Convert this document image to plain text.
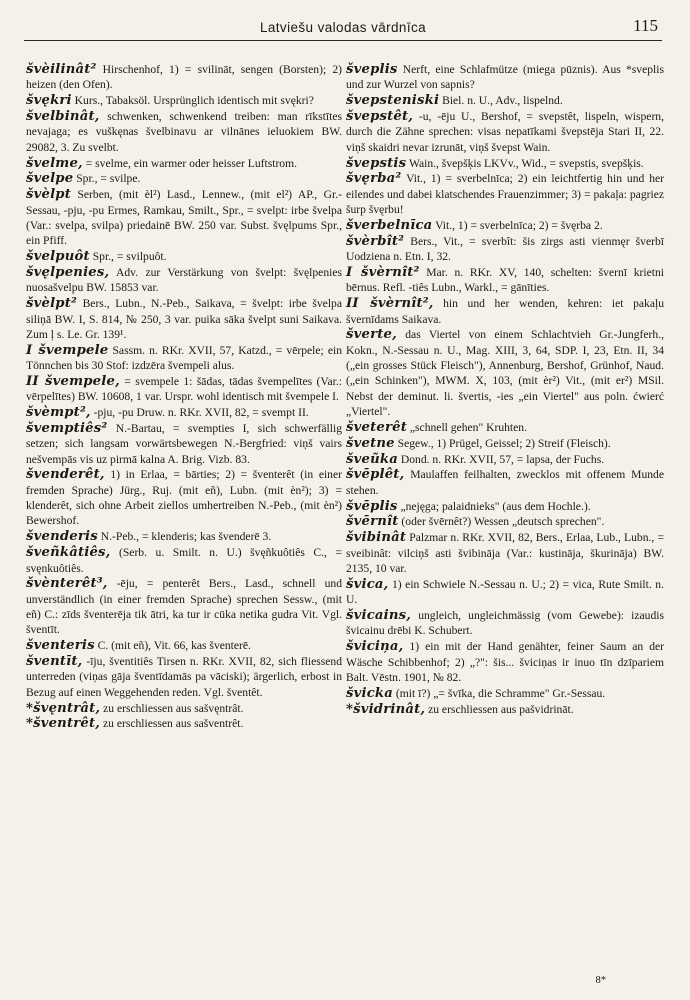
Latviešu valodas vārdnīca	115
švèilinât² Hirschenhof, 1) = svilināt, sengen (Borsten); 2) heizen (den Ofen).
švękri Kurs., Tabaksöl. Ursprünglich identisch mit svękri?
švelbinât, schwenken, schwenkend treiben: man rīkstītes nevajaga; es vuškęnas švelbinavu ar vilnānes ieluokiem BW. 29082, 3. Zu svelbt.
švelme, = svelme, ein warmer oder heisser Luftstrom.
švelpe Spr., = svilpe.
švèlpt Serben, (mit èl²) Lasd., Lennew., (mit el²) AP., Gr.-Sessau, -pju, -pu Ermes, Ramkau, Smilt., Spr., = svelpt: irbe švelpa (Var.: svelpa, svilpa) priedainē BW. 250 var. Subst. švęlpums Spr., ein Pfiff.
švelpuôt Spr., = svilpuôt.
švęlpenies, Adv. zur Verstärkung von švelpt: švęlpenies nuosašvelpu BW. 15853 var.
švèlpt² Bers., Lubn., N.-Peb., Saikava, = švelpt: irbe švelpa siliņā BW. I, S. 814, № 250, 3 var. puika sāka švelpt suni Saikava. Zum ļ s. Le. Gr. 139¹.
I švempele Sassm. n. RKr. XVII, 57, Katzd., = vērpele; ein Tönnchen bis 30 Stof: izdzēra švempeli alus.
II švempele, = svempele 1: šādas, tādas švempelītes (Var.: vērpelītes) BW. 10608, 1 var. Urspr. wohl identisch mit švempele I.
švèmpt², -pju, -pu Druw. n. RKr. XVII, 82, = svempt II.
švemptiês² N.-Bartau, = svempties I, sich schwerfällig setzen; sich langsam vorwärtsbewegen N.-Bergfried: viņš vairs nešvempās vis uz pirmā kalna A. Brig. Vizb. 83.
švenderêt, 1) in Erlaa, = bārties; 2) = šventerêt (in einer fremden Sprache) Jürg., Ruj. (mit eñ), Lubn. (mit èn²); 3) = klenderêt, sich ohne Arbeit ziellos umhertreiben N.-Peb., (mit èn²) Bewershof.
švenderis N.-Peb., = klenderis; kas švenderē 3.
šveñkâtiês, (Serb. u. Smilt. n. U.) švęñkuôtiês C., = svęnkuôtiês.
švènterêt³, -ēju, = penterêt Bers., Lasd., schnell und unverständlich (in einer fremden Sprache) sprechen Sessw., (mit eñ) C.: zīds šventerēja tik ātri, ka tur ir cūka netika gudra Vit. Vgl. šventīt.
šventeris C. (mit eñ), Vit. 66, kas šventerē.
šventīt, -īju, šventitiês Tirsen n. RKr. XVII, 82, sich fliessend unterreden (viņas gāja šventīdamās pa vāciski); ärgerlich, erbost in Bezug auf einen Weggehenden reden. Vgl. šventêt.
*švęntrât, zu erschliessen aus sašvęntrât.
*šventrêt, zu erschliessen aus sašventrêt.
šveplis Nerft, eine Schlafmütze (miega pūznis). Aus *sveplis und zur Wurzel von sapnis?
švepsteniski Biel. n. U., Adv., lispelnd.
švepstêt, -u, -ēju U., Bershof, = svepstêt, lispeln, wispern, durch die Zähne sprechen: visas nepatīkami švepstēja Stari II, 22. viņš skaidri nevar izrunāt, viņš švepst Wain.
švepstis Wain., švepšķis LKVv., Wid., = svepstis, svepšķis.
švęrba² Vit., 1) = sverbelnīca; 2) ein leichtfertig hin und her eilendes und dabei klatschendes Frauenzimmer; 3) = pakaļa: pagriez šurp švęrbu!
šverbelnīca Vit., 1) = sverbelnīca; 2) = švęrba 2.
švèrbît² Bers., Vit., = sverbît: šis zirgs asti vienmęr šverbī Uodziena n. Etn. I, 32.
I švèrnît² Mar. n. RKr. XV, 140, schelten: švernī krietni bērnus. Refl. -tiês Lubn., Warkl., = gānīties.
II švèrnît², hin und her wenden, kehren: iet pakaļu švernīdams Saikava.
šverte, das Viertel von einem Schlachtvieh Gr.-Jungferh., Kokn., N.-Sessau n. U., Mag. XIII, 3, 64, SDP. I, 23, Etn. II, 34 („ein grosses Stück Fleisch"), Annenburg, Bershof, Grünhof, Naud. („ein Schinken"), MWM. X, 103, (mit èr²) Vit., (mit er²) MSil. Nebst der deminut. li. švertis, -ies „ein Viertel" aus poln. ćwierć „Viertel".
šveterêt „schnell gehen" Kruhten.
švetne Segew., 1) Prügel, Geissel; 2) Streif (Fleisch).
šveũka Dond. n. RKr. XVII, 57, = lapsa, der Fuchs.
švēplêt, Maulaffen feilhalten, zwecklos mit offenem Munde stehen.
švēplis „neјęga; palaidnieks" (aus dem Hochle.).
švērnît (oder švērnêt?) Wessen „deutsch sprechen".
švibinât Palzmar n. RKr. XVII, 82, Bers., Erlaa, Lub., Lubn., = sveibinât: vilciņš asti švibināja (Var.: kustināja, škurināja) BW. 2135, 10 var.
švica, 1) ein Schwiele N.-Sessau n. U.; 2) = vica, Rute Smilt. n. U.
švicains, ungleich, ungleichmässig (vom Gewebe): izaudis švicainu drēbi K. Schubert.
šviciņa, 1) ein mit der Hand genähter, feiner Saum an der Wäsche Schibbenhof; 2) „?": šis... šviciņas ir inuo tīn dzīpariem Balt. Vēstn. 1901, № 82.
švicka (mit ī?) „= švīka, die Schramme" Gr.-Sessau.
*švidrinât, zu erschliessen aus pašvidrināt.
8*
